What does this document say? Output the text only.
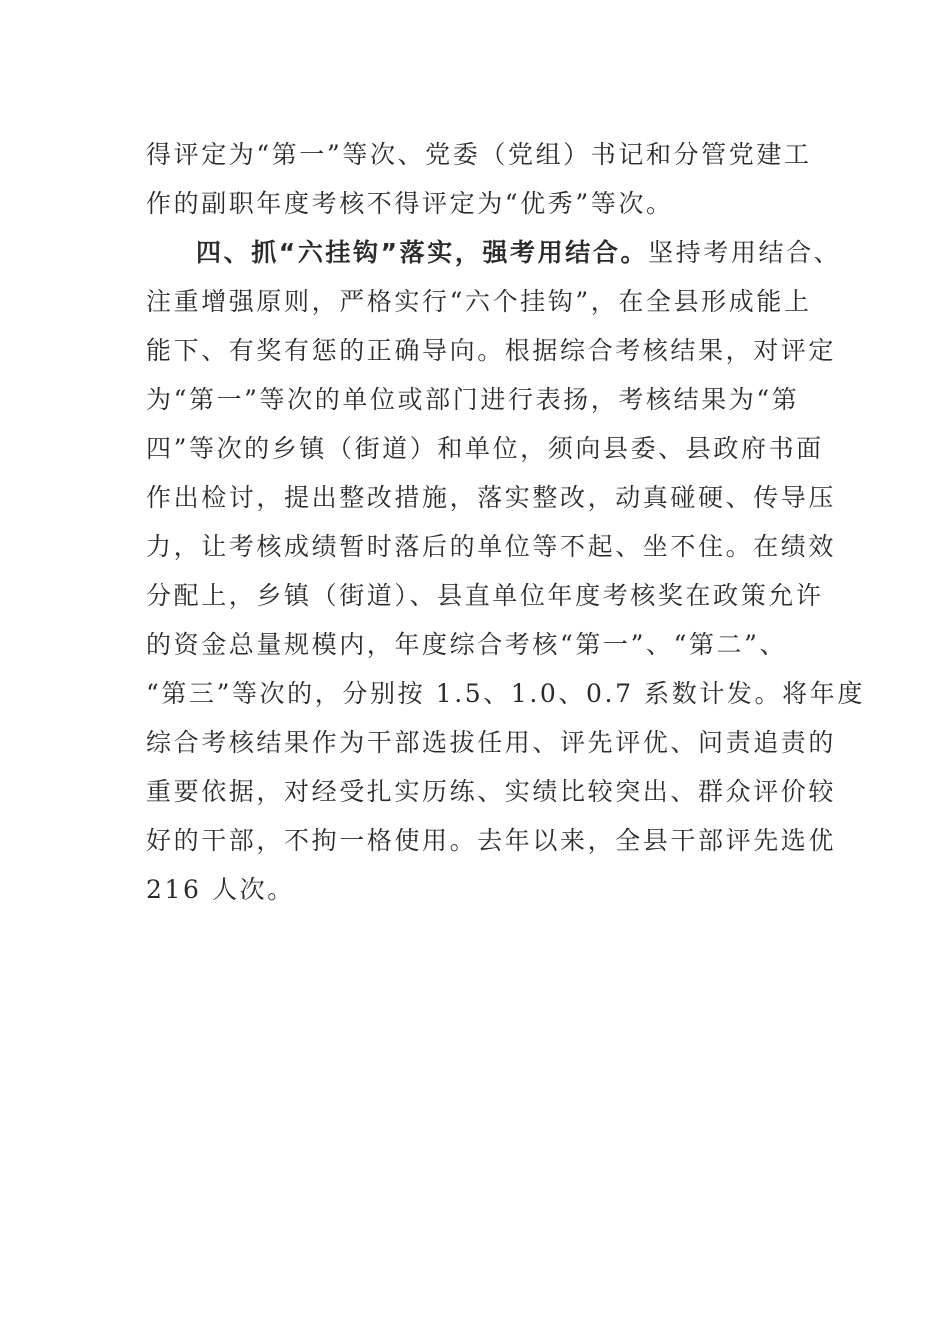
得评定为“第一”等次、党委（党组）书记和分管党建工
作的副职年度考核不得评定为“优秀”等次。
四、抓“六挂钩”落实，强考用结合。坚持考用结合、
注重增强原则，严格实行“六个挂钩”，在全县形成能上
能下、有奖有惩的正确导向。根据综合考核结果，对评定
为“第一”等次的单位或部门进行表扬，考核结果为“第
四”等次的乡镇（街道）和单位，须向县委、县政府书面
作出检讨，提出整改措施，落实整改，动真碰硬、传导压
力，让考核成绩暂时落后的单位等不起、坐不住。在绩效
分配上，乡镇（街道）、县直单位年度考核奖在政策允许
的资金总量规模内，年度综合考核“第一”、“第二”、
“第三”等次的，分别按 1.5、1.0、0.7 系数计发。将年度
综合考核结果作为干部选拔任用、评先评优、问责追责的
重要依据，对经受扎实历练、实绩比较突出、群众评价较
好的干部，不拘一格使用。去年以来，全县干部评先选优
216 人次。
